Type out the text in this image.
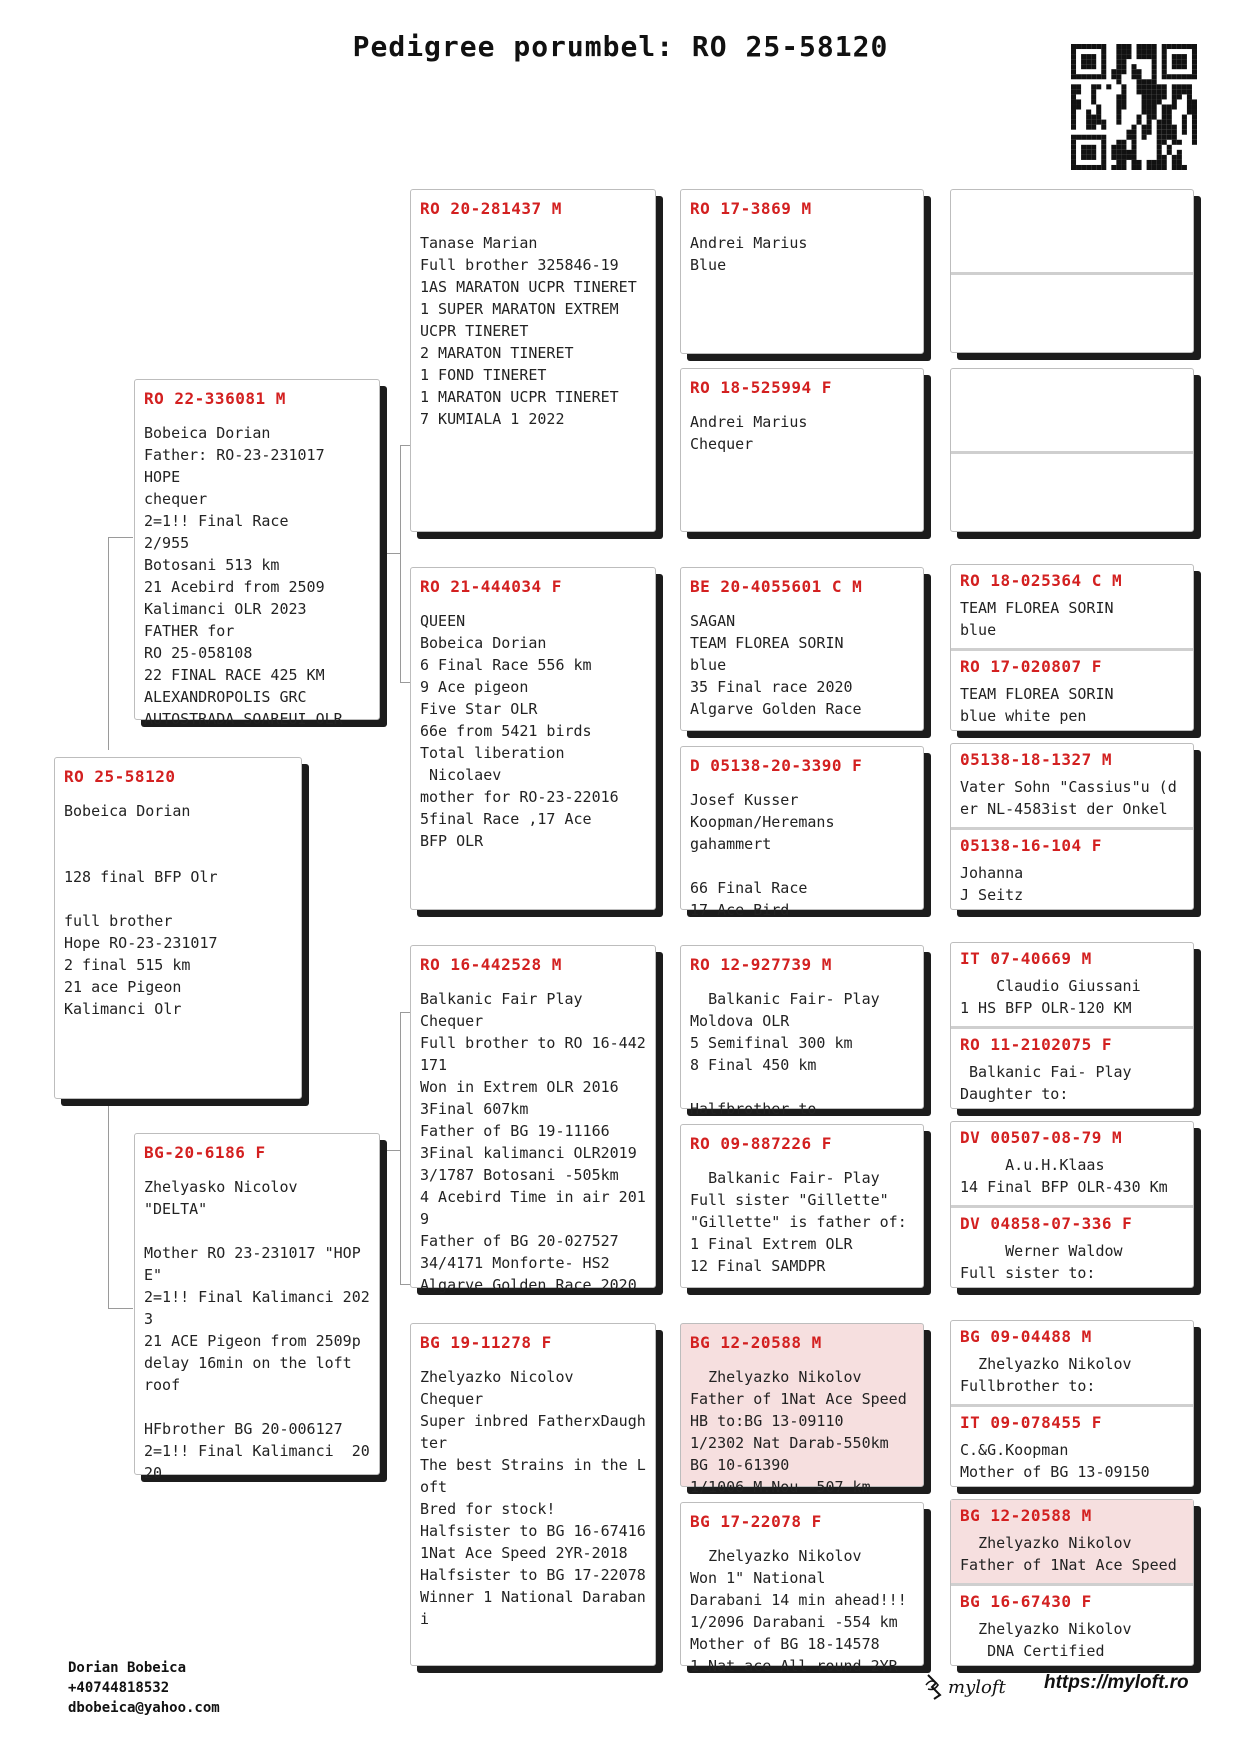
Pedigree porumbel: RO 25-58120
RO 25-58120
Bobeica Dorian

128 final BFP Olr

full brother
Hope RO-23-231017
2 final 515 km
21 ace Pigeon
Kalimanci Olr
RO 22-336081 M
Bobeica Dorian
Father: RO-23-231017
HOPE
chequer
2=1!! Final Race
2/955
Botosani 513 km
21 Acebird from 2509
Kalimanci OLR 2023
FATHER for
RO 25-058108
22 FINAL RACE 425 KM
ALEXANDROPOLIS GRC
AUTOSTRADA SOAREUI OLR
BG-20-6186 F
Zhelyasko Nicolov
"DELTA"

Mother RO 23-231017 "HOPE"
2=1!! Final Kalimanci 2023
21 ACE Pigeon from 2509p
delay 16min on the loft
roof

HFbrother BG 20-006127
2=1!! Final Kalimanci  2020
RO 20-281437 M
Tanase Marian
Full brother 325846-19
1AS MARATON UCPR TINERET
1 SUPER MARATON EXTREM
UCPR TINERET
2 MARATON TINERET
1 FOND TINERET
1 MARATON UCPR TINERET
7 KUMIALA 1 2022
RO 21-444034 F
QUEEN
Bobeica Dorian
6 Final Race 556 km
9 Ace pigeon
Five Star OLR
66e from 5421 birds
Total liberation
Nicolaev
mother for RO-23-22016
5final Race ,17 Ace
BFP OLR
RO 16-442528 M
Balkanic Fair Play
Chequer
Full brother to RO 16-442171
Won in Extrem OLR 2016
3Final 607km
Father of BG 19-11166
3Final kalimanci OLR2019
3/1787 Botosani -505km
4 Acebird Time in air 2019
Father of BG 20-027527
34/4171 Monforte- HS2
Algarve Golden Race 2020
BG 19-11278 F
Zhelyazko Nicolov
Chequer
Super inbred FatherxDaughter
The best Strains in the Loft
Bred for stock!
Halfsister to BG 16-67416
1Nat Ace Speed 2YR-2018
Halfsister to BG 17-22078
Winner 1 National Darabani
RO 17-3869 M
Andrei Marius
Blue
RO 18-525994 F
Andrei Marius
Chequer
BE 20-4055601 C M
SAGAN
TEAM FLOREA SORIN
blue
35 Final race 2020
Algarve Golden Race
D 05138-20-3390 F
Josef Kusser
Koopman/Heremans
gahammert

66 Final Race
17 Ace Bird
RO 12-927739 M
Balkanic Fair- Play
Moldova OLR
5 Semifinal 300 km
8 Final 450 km

Halfbrother to
RO 09-887226 F
Balkanic Fair- Play
Full sister "Gillette"
"Gillette" is father of:
1 Final Extrem OLR
12 Final SAMDPR
BG 12-20588 M
Zhelyazko Nikolov
Father of 1Nat Ace Speed
HB to:BG 13-09110
1/2302 Nat Darab-550km
BG 10-61390
1/1006 M.Nou -507 km
BG 17-22078 F
Zhelyazko Nikolov
Won 1" National
Darabani 14 min ahead!!!
1/2096 Darabani -554 km
Mother of BG 18-14578
1 Nat ace All round 2YR
RO 18-025364 C M
TEAM FLOREA SORIN
blue
RO 17-020807 F
TEAM FLOREA SORIN
blue white pen
05138-18-1327 M
Vater Sohn "Cassius"u (der NL-4583ist der Onkel
05138-16-104 F
Johanna
J Seitz
IT 07-40669 M
Claudio Giussani
1 HS BFP OLR-120 KM
RO 11-2102075 F
Balkanic Fai- Play
Daughter to:
DV 00507-08-79 M
A.u.H.Klaas
14 Final BFP OLR-430 Km
DV 04858-07-336 F
Werner Waldow
Full sister to:
BG 09-04488 M
Zhelyazko Nikolov
Fullbrother to:
IT 09-078455 F
C.&G.Koopman
Mother of BG 13-09150
BG 12-20588 M
Zhelyazko Nikolov
Father of 1Nat Ace Speed
BG 16-67430 F
Zhelyazko Nikolov
DNA Certified
Dorian Bobeica
+40744818532
dbobeica@yahoo.com
myloft https://myloft.ro
